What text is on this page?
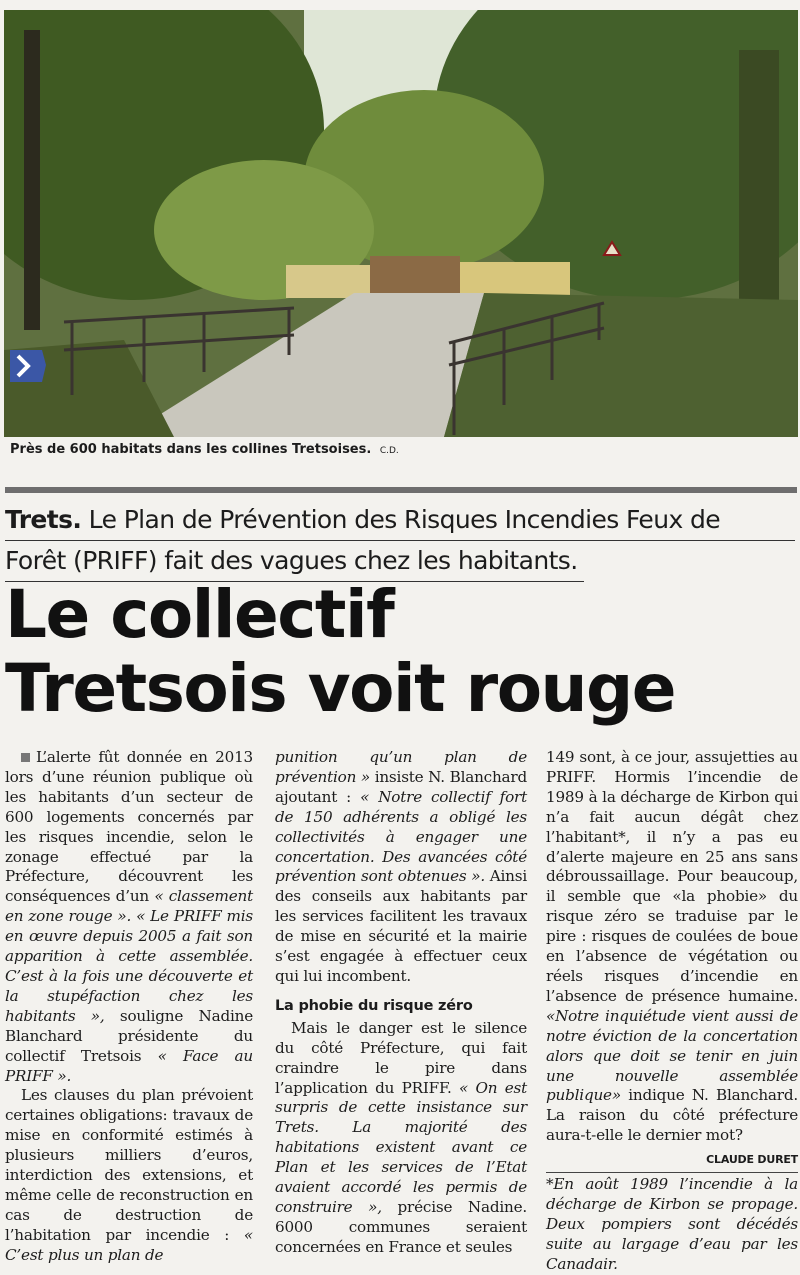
Près de 600 habitats dans les collines Tretsoises. C.D.
Trets. Le Plan de Prévention des Risques Incendies Feux de
Forêt (PRIFF) fait des vagues chez les habitants.
Le collectif
Tretsois voit rouge

L’alerte fût donnée en 2013 lors d’une réunion publique où les habitants d’un secteur de 600 logements concernés par les risques incendie, selon le zonage effectué par la Préfecture, découvrent les conséquences d’un « classement en zone rouge ». « Le PRIFF mis en œuvre depuis 2005 a fait son apparition à cette assemblée. C’est à la fois une découverte et la stupéfaction chez les habitants », souligne Nadine Blanchard présidente du collectif Tretsois « Face au PRIFF ».

Les clauses du plan prévoient certaines obligations: travaux de mise en conformité estimés à plusieurs milliers d’euros, interdiction des extensions, et même celle de reconstruction en cas de destruction de l’habitation par incendie : « C’est plus un plan de

punition qu’un plan de prévention » insiste N. Blanchard ajoutant : « Notre collectif fort de 150 adhérents a obligé les collectivités à engager une concertation. Des avancées côté prévention sont obtenues ». Ainsi des conseils aux habitants par les services facilitent les travaux de mise en sécurité et la mairie s’est engagée à effectuer ceux qui lui incombent.

La phobie du risque zéro

Mais le danger est le silence du côté Préfecture, qui fait craindre le pire dans l’application du PRIFF. « On est surpris de cette insistance sur Trets. La majorité des habitations existent avant ce Plan et les services de l’Etat avaient accordé les permis de construire », précise Nadine. 6000 communes seraient concernées en France et seules

149 sont, à ce jour, assujetties au PRIFF. Hormis l’incendie de 1989 à la décharge de Kirbon qui n’a fait aucun dégât chez l’habitant*, il n’y a pas eu d’alerte majeure en 25 ans sans débroussaillage. Pour beaucoup, il semble que «la phobie» du risque zéro se traduise par le pire : risques de coulées de boue en l’absence de végétation ou réels risques d’incendie en l’absence de présence humaine. «Notre inquiétude vient aussi de notre éviction de la concertation alors que doit se tenir en juin une nouvelle assemblée publique» indique N. Blanchard. La raison du côté préfecture aura-t-elle le dernier mot?

CLAUDE DURET

*En août 1989 l’incendie à la décharge de Kirbon se propage. Deux pompiers sont décédés suite au largage d’eau par les Canadair.
